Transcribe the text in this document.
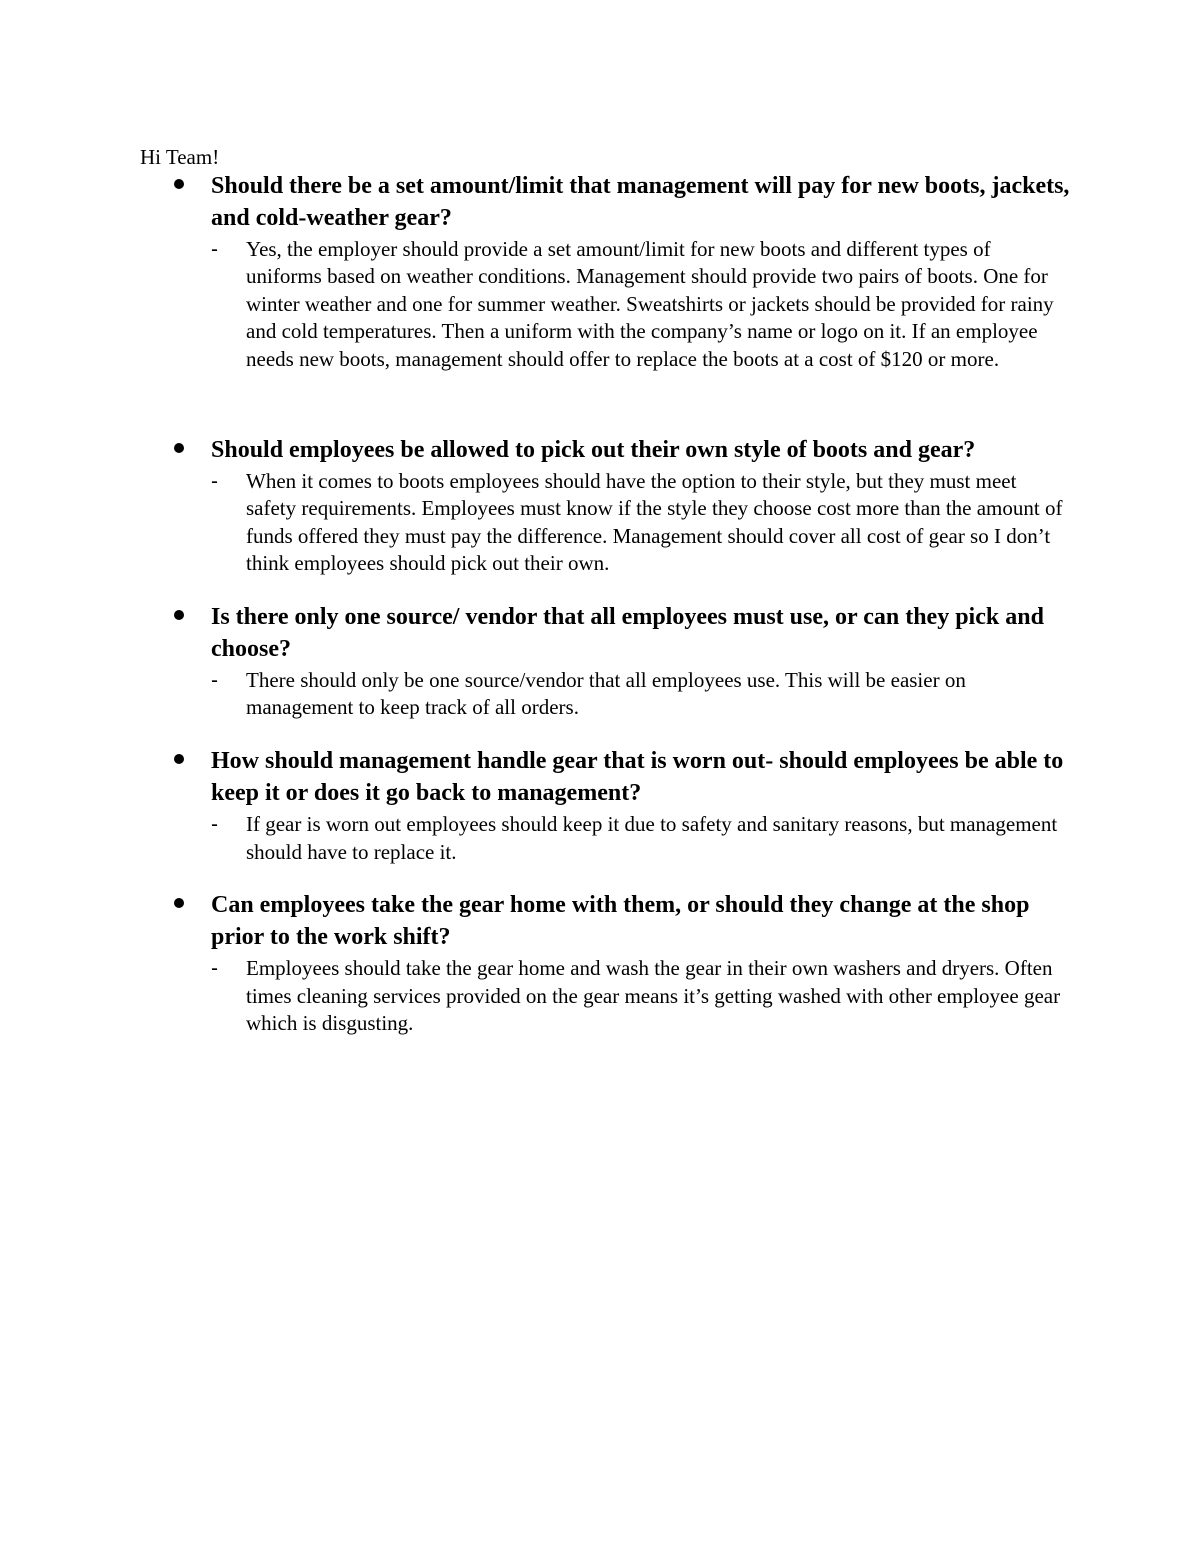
Hi Team!

Should there be a set amount/limit that management will pay for new boots, jackets, and cold-weather gear?

- Yes, the employer should provide a set amount/limit for new boots and different types of uniforms based on weather conditions. Management should provide two pairs of boots. One for winter weather and one for summer weather. Sweatshirts or jackets should be provided for rainy and cold temperatures. Then a uniform with the company’s name or logo on it. If an employee needs new boots, management should offer to replace the boots at a cost of $120 or more.

Should employees be allowed to pick out their own style of boots and gear?

- When it comes to boots employees should have the option to their style, but they must meet safety requirements. Employees must know if the style they choose cost more than the amount of funds offered they must pay the difference. Management should cover all cost of gear so I don’t think employees should pick out their own.

Is there only one source/ vendor that all employees must use, or can they pick and choose?

- There should only be one source/vendor that all employees use. This will be easier on management to keep track of all orders.

How should management handle gear that is worn out- should employees be able to keep it or does it go back to management?

- If gear is worn out employees should keep it due to safety and sanitary reasons, but management should have to replace it.

Can employees take the gear home with them, or should they change at the shop prior to the work shift?

- Employees should take the gear home and wash the gear in their own washers and dryers. Often times cleaning services provided on the gear means it’s getting washed with other employee gear which is disgusting.
